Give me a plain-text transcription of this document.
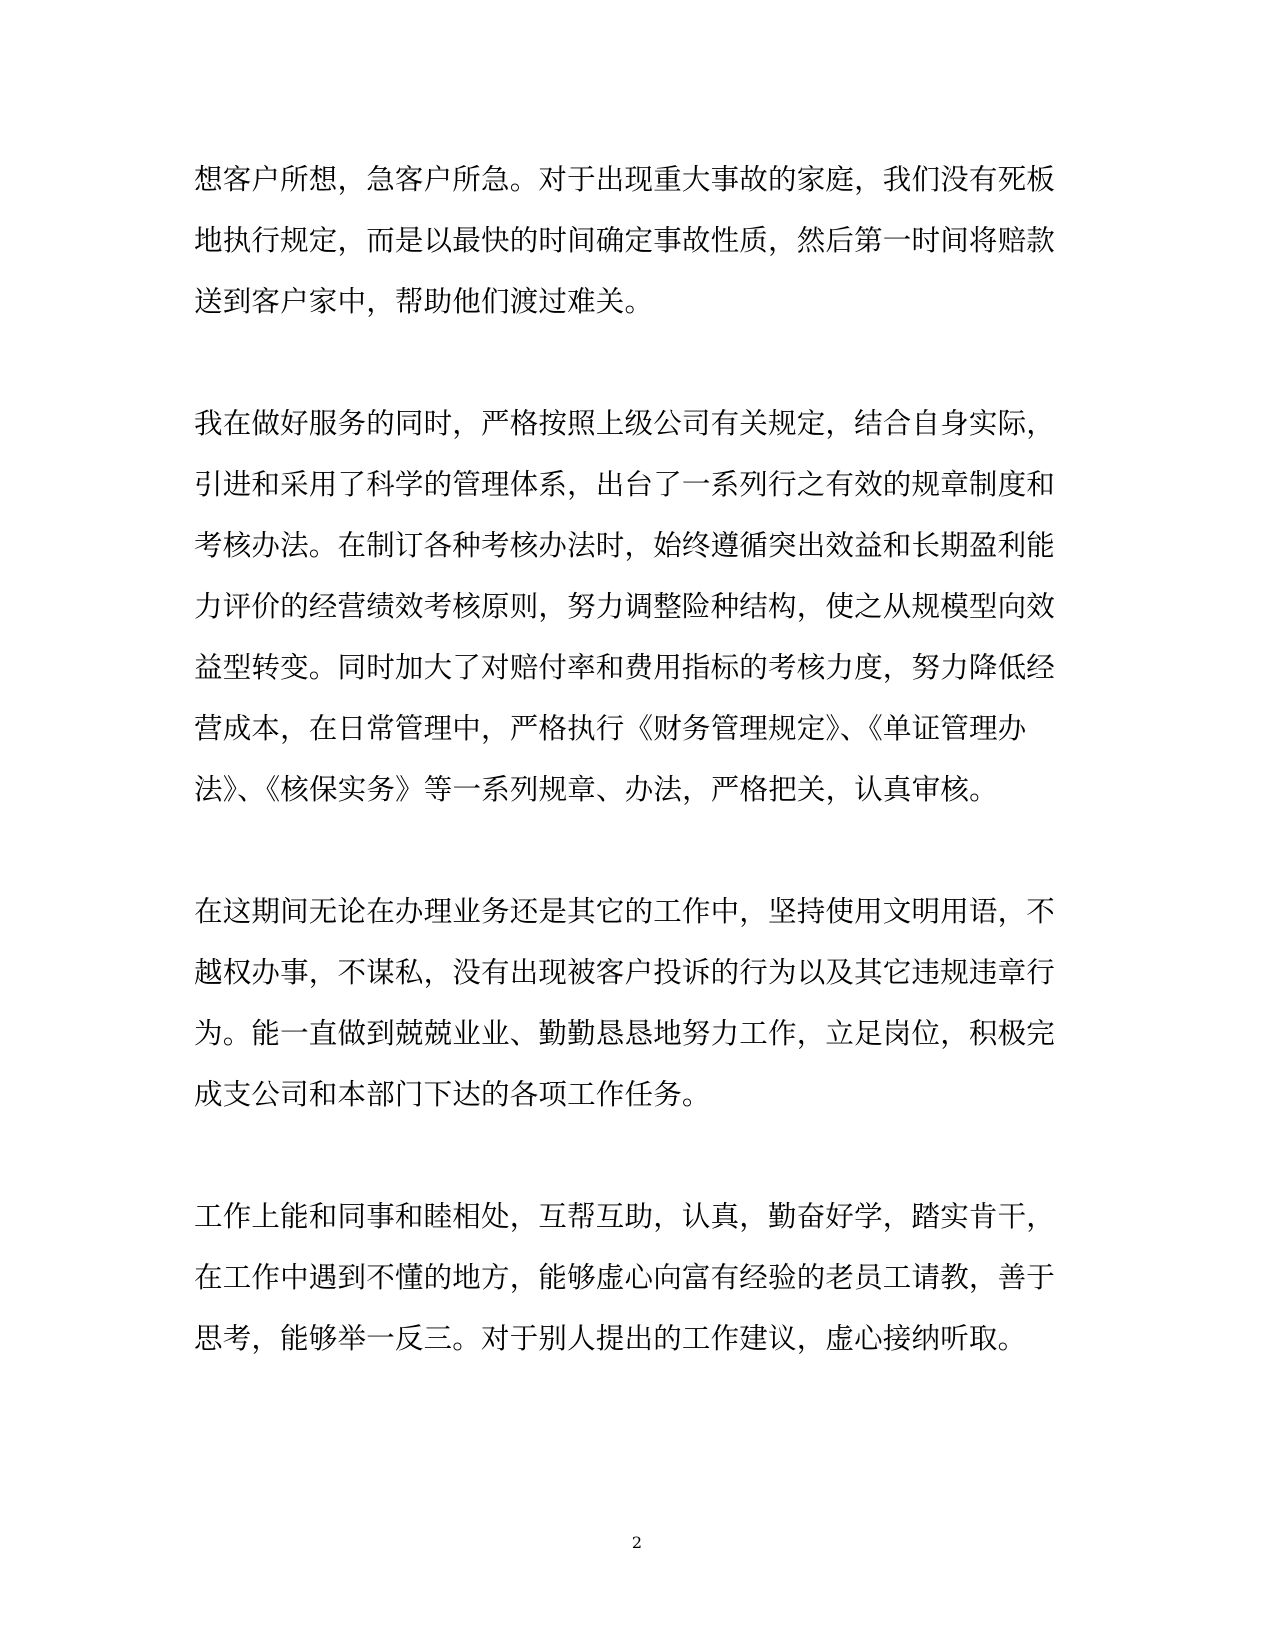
想客户所想，急客户所急。对于出现重大事故的家庭，我们没有死板
地执行规定，而是以最快的时间确定事故性质，然后第一时间将赔款
送到客户家中，帮助他们渡过难关。
我在做好服务的同时，严格按照上级公司有关规定，结合自身实际，
引进和采用了科学的管理体系，出台了一系列行之有效的规章制度和
考核办法。在制订各种考核办法时，始终遵循突出效益和长期盈利能
力评价的经营绩效考核原则，努力调整险种结构，使之从规模型向效
益型转变。同时加大了对赔付率和费用指标的考核力度，努力降低经
营成本，在日常管理中，严格执行《财务管理规定》、《单证管理办
法》、《核保实务》等一系列规章、办法，严格把关，认真审核。
在这期间无论在办理业务还是其它的工作中，坚持使用文明用语，不
越权办事，不谋私，没有出现被客户投诉的行为以及其它违规违章行
为。能一直做到兢兢业业、勤勤恳恳地努力工作，立足岗位，积极完
成支公司和本部门下达的各项工作任务。
工作上能和同事和睦相处，互帮互助，认真，勤奋好学，踏实肯干，
在工作中遇到不懂的地方，能够虚心向富有经验的老员工请教，善于
思考，能够举一反三。对于别人提出的工作建议，虚心接纳听取。
2
